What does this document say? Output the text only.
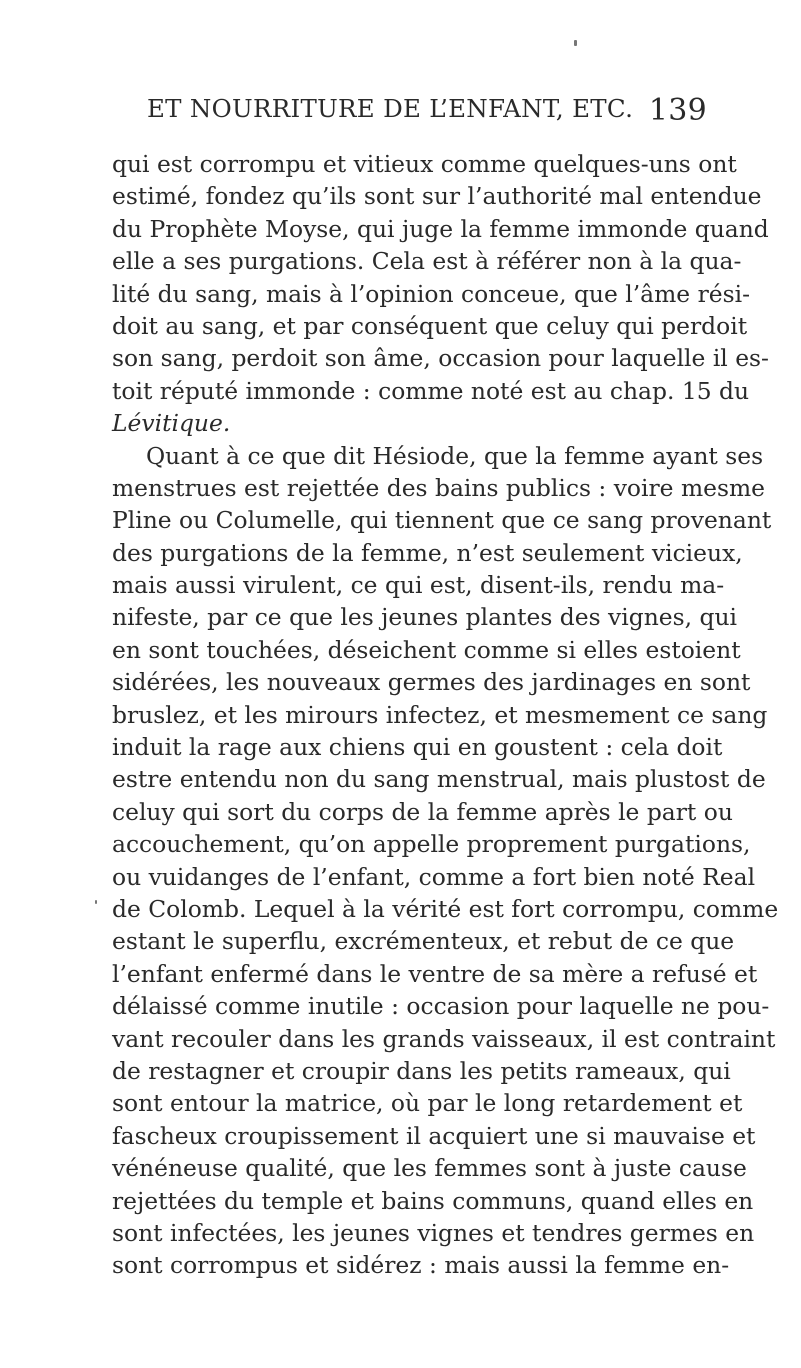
ET NOURRITURE DE L’ENFANT, ETC. 139
qui est corrompu et vitieux comme quelques-uns ont
estimé, fondez qu’ils sont sur l’authorité mal entendue
du Prophète Moyse, qui juge la femme immonde quand
elle a ses purgations. Cela est à référer non à la qua-
lité du sang, mais à l’opinion conceue, que l’âme rési-
doit au sang, et par conséquent que celuy qui perdoit
son sang, perdoit son âme, occasion pour laquelle il es-
toit réputé immonde : comme noté est au chap. 15 du
Lévitique.
Quant à ce que dit Hésiode, que la femme ayant ses
menstrues est rejettée des bains publics : voire mesme
Pline ou Columelle, qui tiennent que ce sang provenant
des purgations de la femme, n’est seulement vicieux,
mais aussi virulent, ce qui est, disent-ils, rendu ma-
nifeste, par ce que les jeunes plantes des vignes, qui
en sont touchées, déseichent comme si elles estoient
sidérées, les nouveaux germes des jardinages en sont
bruslez, et les mirours infectez, et mesmement ce sang
induit la rage aux chiens qui en goustent : cela doit
estre entendu non du sang menstrual, mais plustost de
celuy qui sort du corps de la femme après le part ou
accouchement, qu’on appelle proprement purgations,
ou vuidanges de l’enfant, comme a fort bien noté Real
de Colomb. Lequel à la vérité est fort corrompu, comme
estant le superflu, excrémenteux, et rebut de ce que
l’enfant enfermé dans le ventre de sa mère a refusé et
délaissé comme inutile : occasion pour laquelle ne pou-
vant recouler dans les grands vaisseaux, il est contraint
de restagner et croupir dans les petits rameaux, qui
sont entour la matrice, où par le long retardement et
fascheux croupissement il acquiert une si mauvaise et
vénéneuse qualité, que les femmes sont à juste cause
rejettées du temple et bains communs, quand elles en
sont infectées, les jeunes vignes et tendres germes en
sont corrompus et sidérez : mais aussi la femme en-
